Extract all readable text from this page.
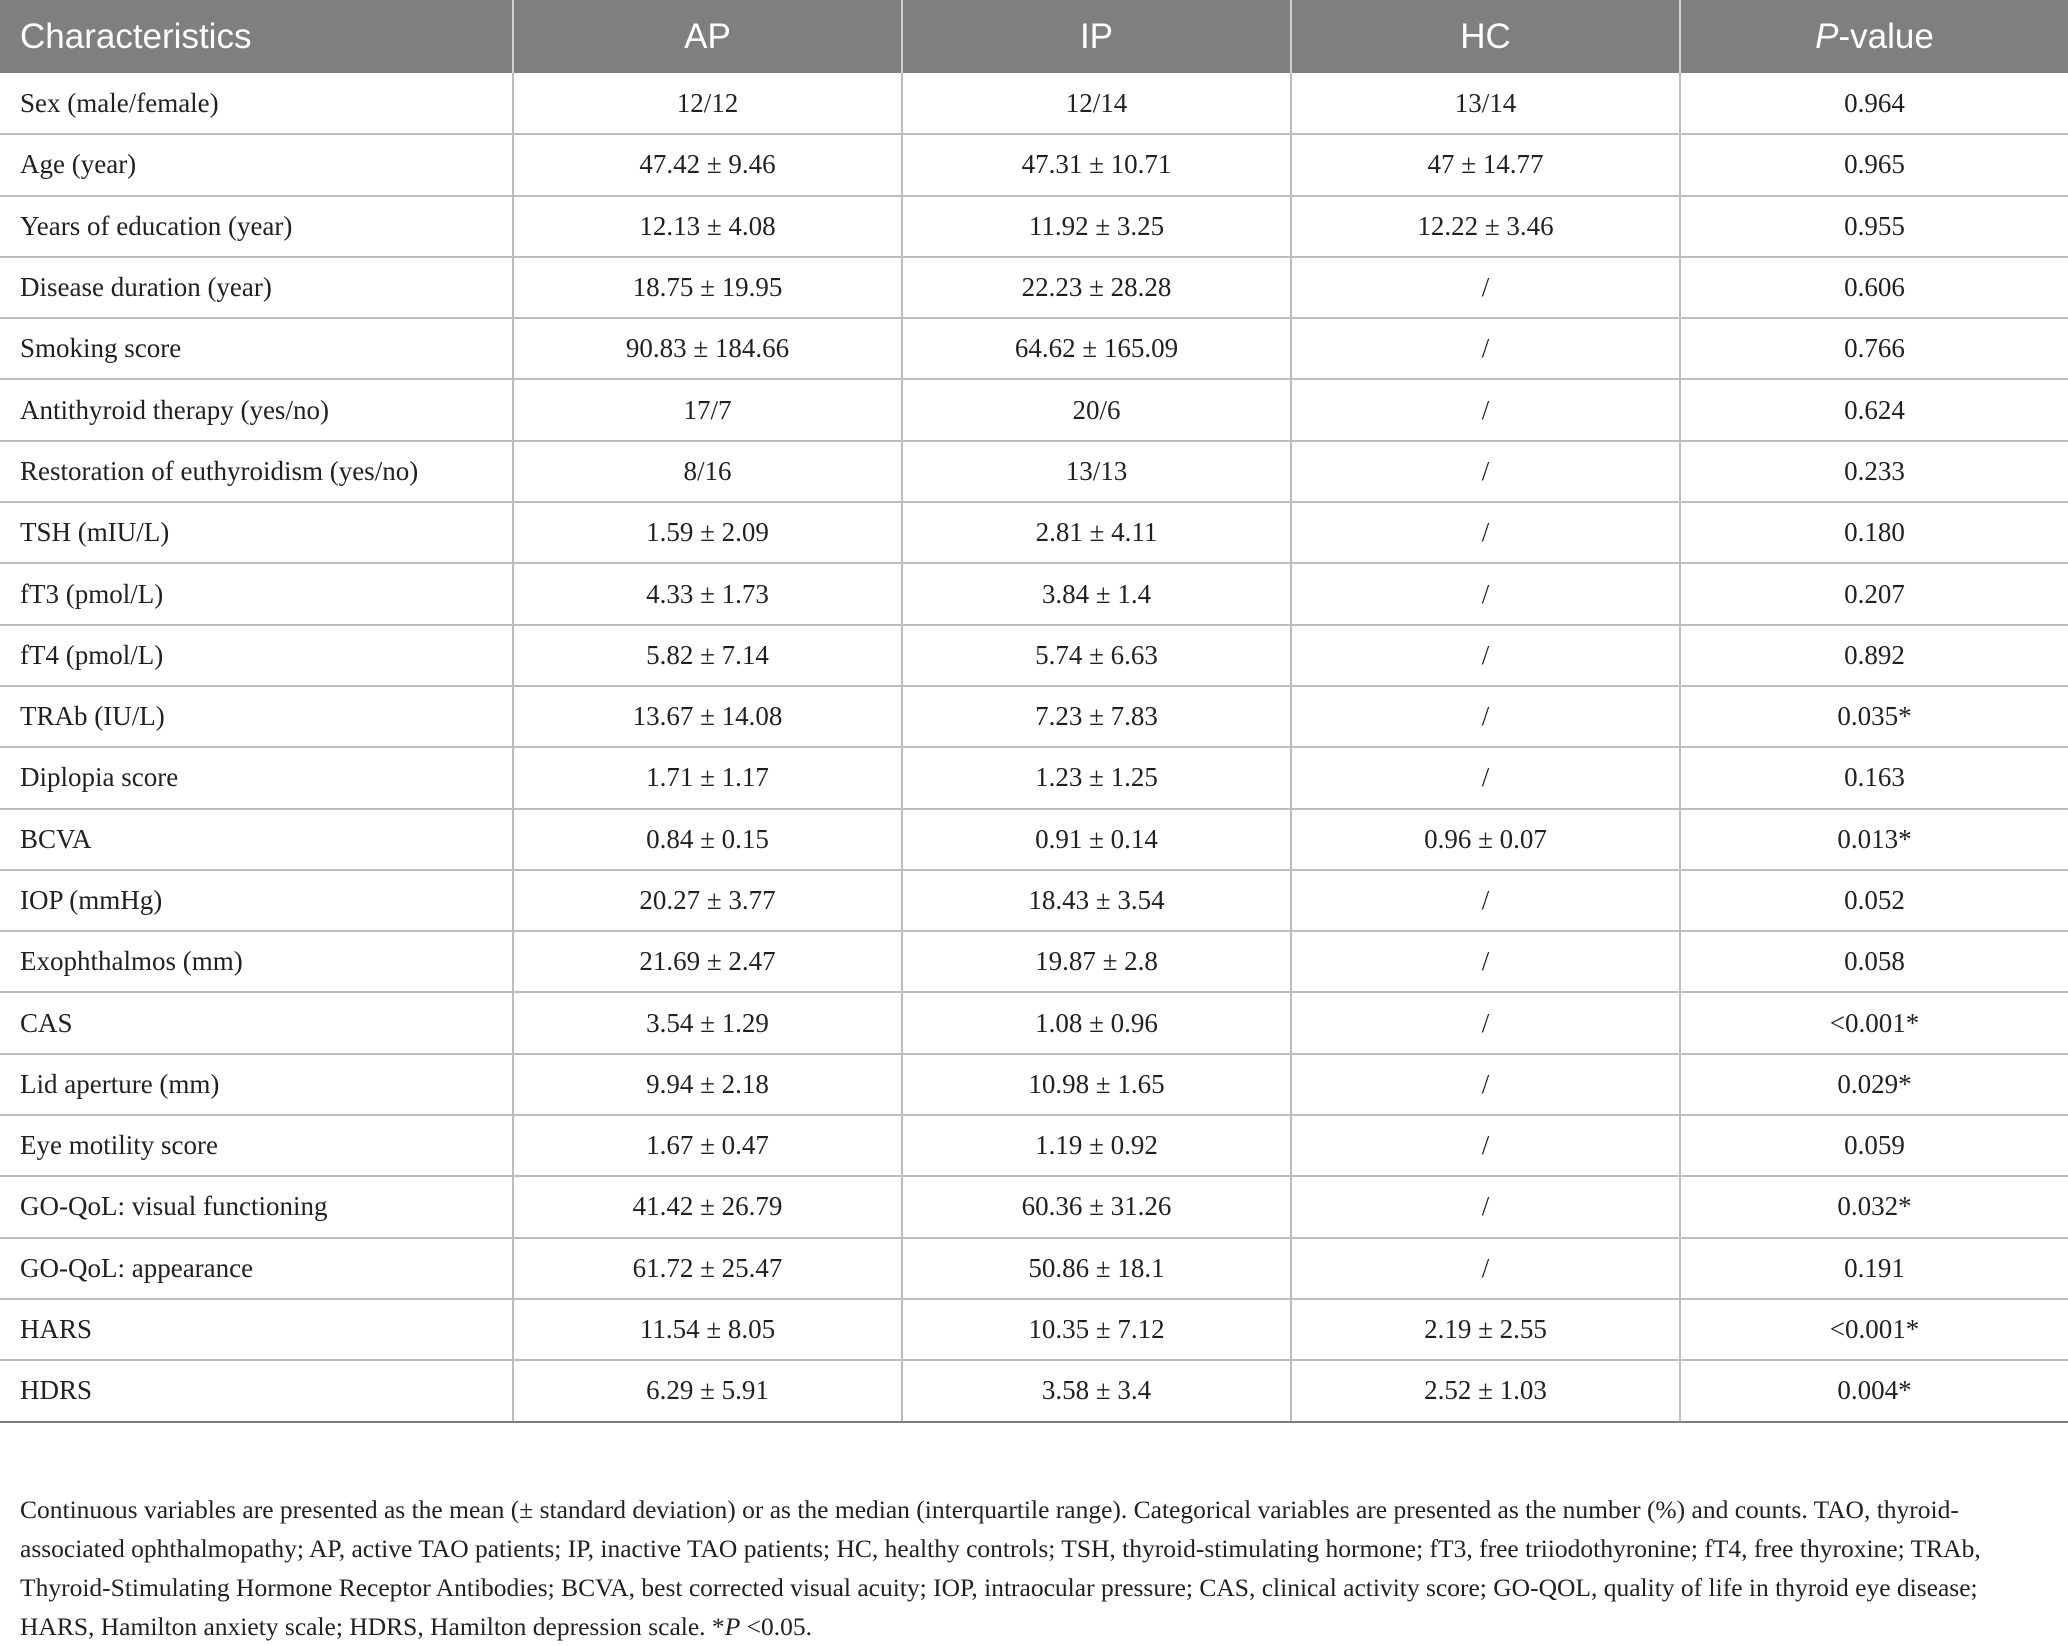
Characteristics	AP	IP	HC	P-value
Sex (male/female)	12/12	12/14	13/14	0.964
Age (year)	47.42 ± 9.46	47.31 ± 10.71	47 ± 14.77	0.965
Years of education (year)	12.13 ± 4.08	11.92 ± 3.25	12.22 ± 3.46	0.955
Disease duration (year)	18.75 ± 19.95	22.23 ± 28.28	/	0.606
Smoking score	90.83 ± 184.66	64.62 ± 165.09	/	0.766
Antithyroid therapy (yes/no)	17/7	20/6	/	0.624
Restoration of euthyroidism (yes/no)	8/16	13/13	/	0.233
TSH (mIU/L)	1.59 ± 2.09	2.81 ± 4.11	/	0.180
fT3 (pmol/L)	4.33 ± 1.73	3.84 ± 1.4	/	0.207
fT4 (pmol/L)	5.82 ± 7.14	5.74 ± 6.63	/	0.892
TRAb (IU/L)	13.67 ± 14.08	7.23 ± 7.83	/	0.035*
Diplopia score	1.71 ± 1.17	1.23 ± 1.25	/	0.163
BCVA	0.84 ± 0.15	0.91 ± 0.14	0.96 ± 0.07	0.013*
IOP (mmHg)	20.27 ± 3.77	18.43 ± 3.54	/	0.052
Exophthalmos (mm)	21.69 ± 2.47	19.87 ± 2.8	/	0.058
CAS	3.54 ± 1.29	1.08 ± 0.96	/	<0.001*
Lid aperture (mm)	9.94 ± 2.18	10.98 ± 1.65	/	0.029*
Eye motility score	1.67 ± 0.47	1.19 ± 0.92	/	0.059
GO-QoL: visual functioning	41.42 ± 26.79	60.36 ± 31.26	/	0.032*
GO-QoL: appearance	61.72 ± 25.47	50.86 ± 18.1	/	0.191
HARS	11.54 ± 8.05	10.35 ± 7.12	2.19 ± 2.55	<0.001*
HDRS	6.29 ± 5.91	3.58 ± 3.4	2.52 ± 1.03	0.004*
Continuous variables are presented as the mean (± standard deviation) or as the median (interquartile range). Categorical variables are presented as the number (%) and counts. TAO, thyroid-associated ophthalmopathy; AP, active TAO patients; IP, inactive TAO patients; HC, healthy controls; TSH, thyroid-stimulating hormone; fT3, free triiodothyronine; fT4, free thyroxine; TRAb, Thyroid-Stimulating Hormone Receptor Antibodies; BCVA, best corrected visual acuity; IOP, intraocular pressure; CAS, clinical activity score; GO-QOL, quality of life in thyroid eye disease; HARS, Hamilton anxiety scale; HDRS, Hamilton depression scale. *P <0.05.
